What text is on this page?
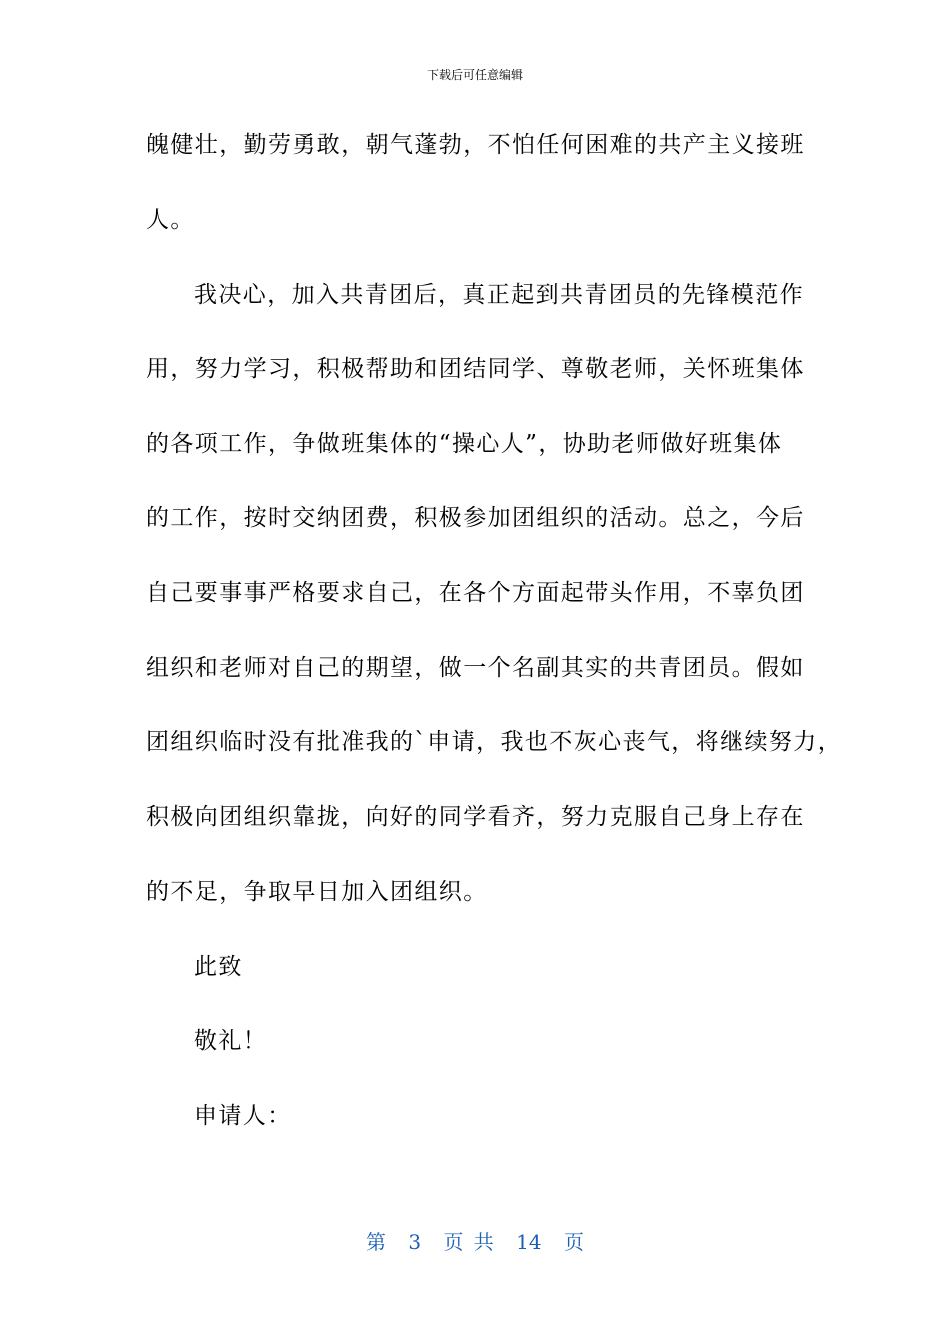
下载后可任意编辑
魄健壮，勤劳勇敢，朝气蓬勃，不怕任何困难的共产主义接班
人。
我决心，加入共青团后，真正起到共青团员的先锋模范作
用，努力学习，积极帮助和团结同学、尊敬老师，关怀班集体
的各项工作，争做班集体的“操心人”，协助老师做好班集体
的工作，按时交纳团费，积极参加团组织的活动。总之，今后
自己要事事严格要求自己，在各个方面起带头作用，不辜负团
组织和老师对自己的期望，做一个名副其实的共青团员。假如
团组织临时没有批准我的`申请，我也不灰心丧气，将继续努力，
积极向团组织靠拢，向好的同学看齐，努力克服自己身上存在
的不足，争取早日加入团组织。
此致
敬礼！
申请人：
第 3 页 共 14 页
